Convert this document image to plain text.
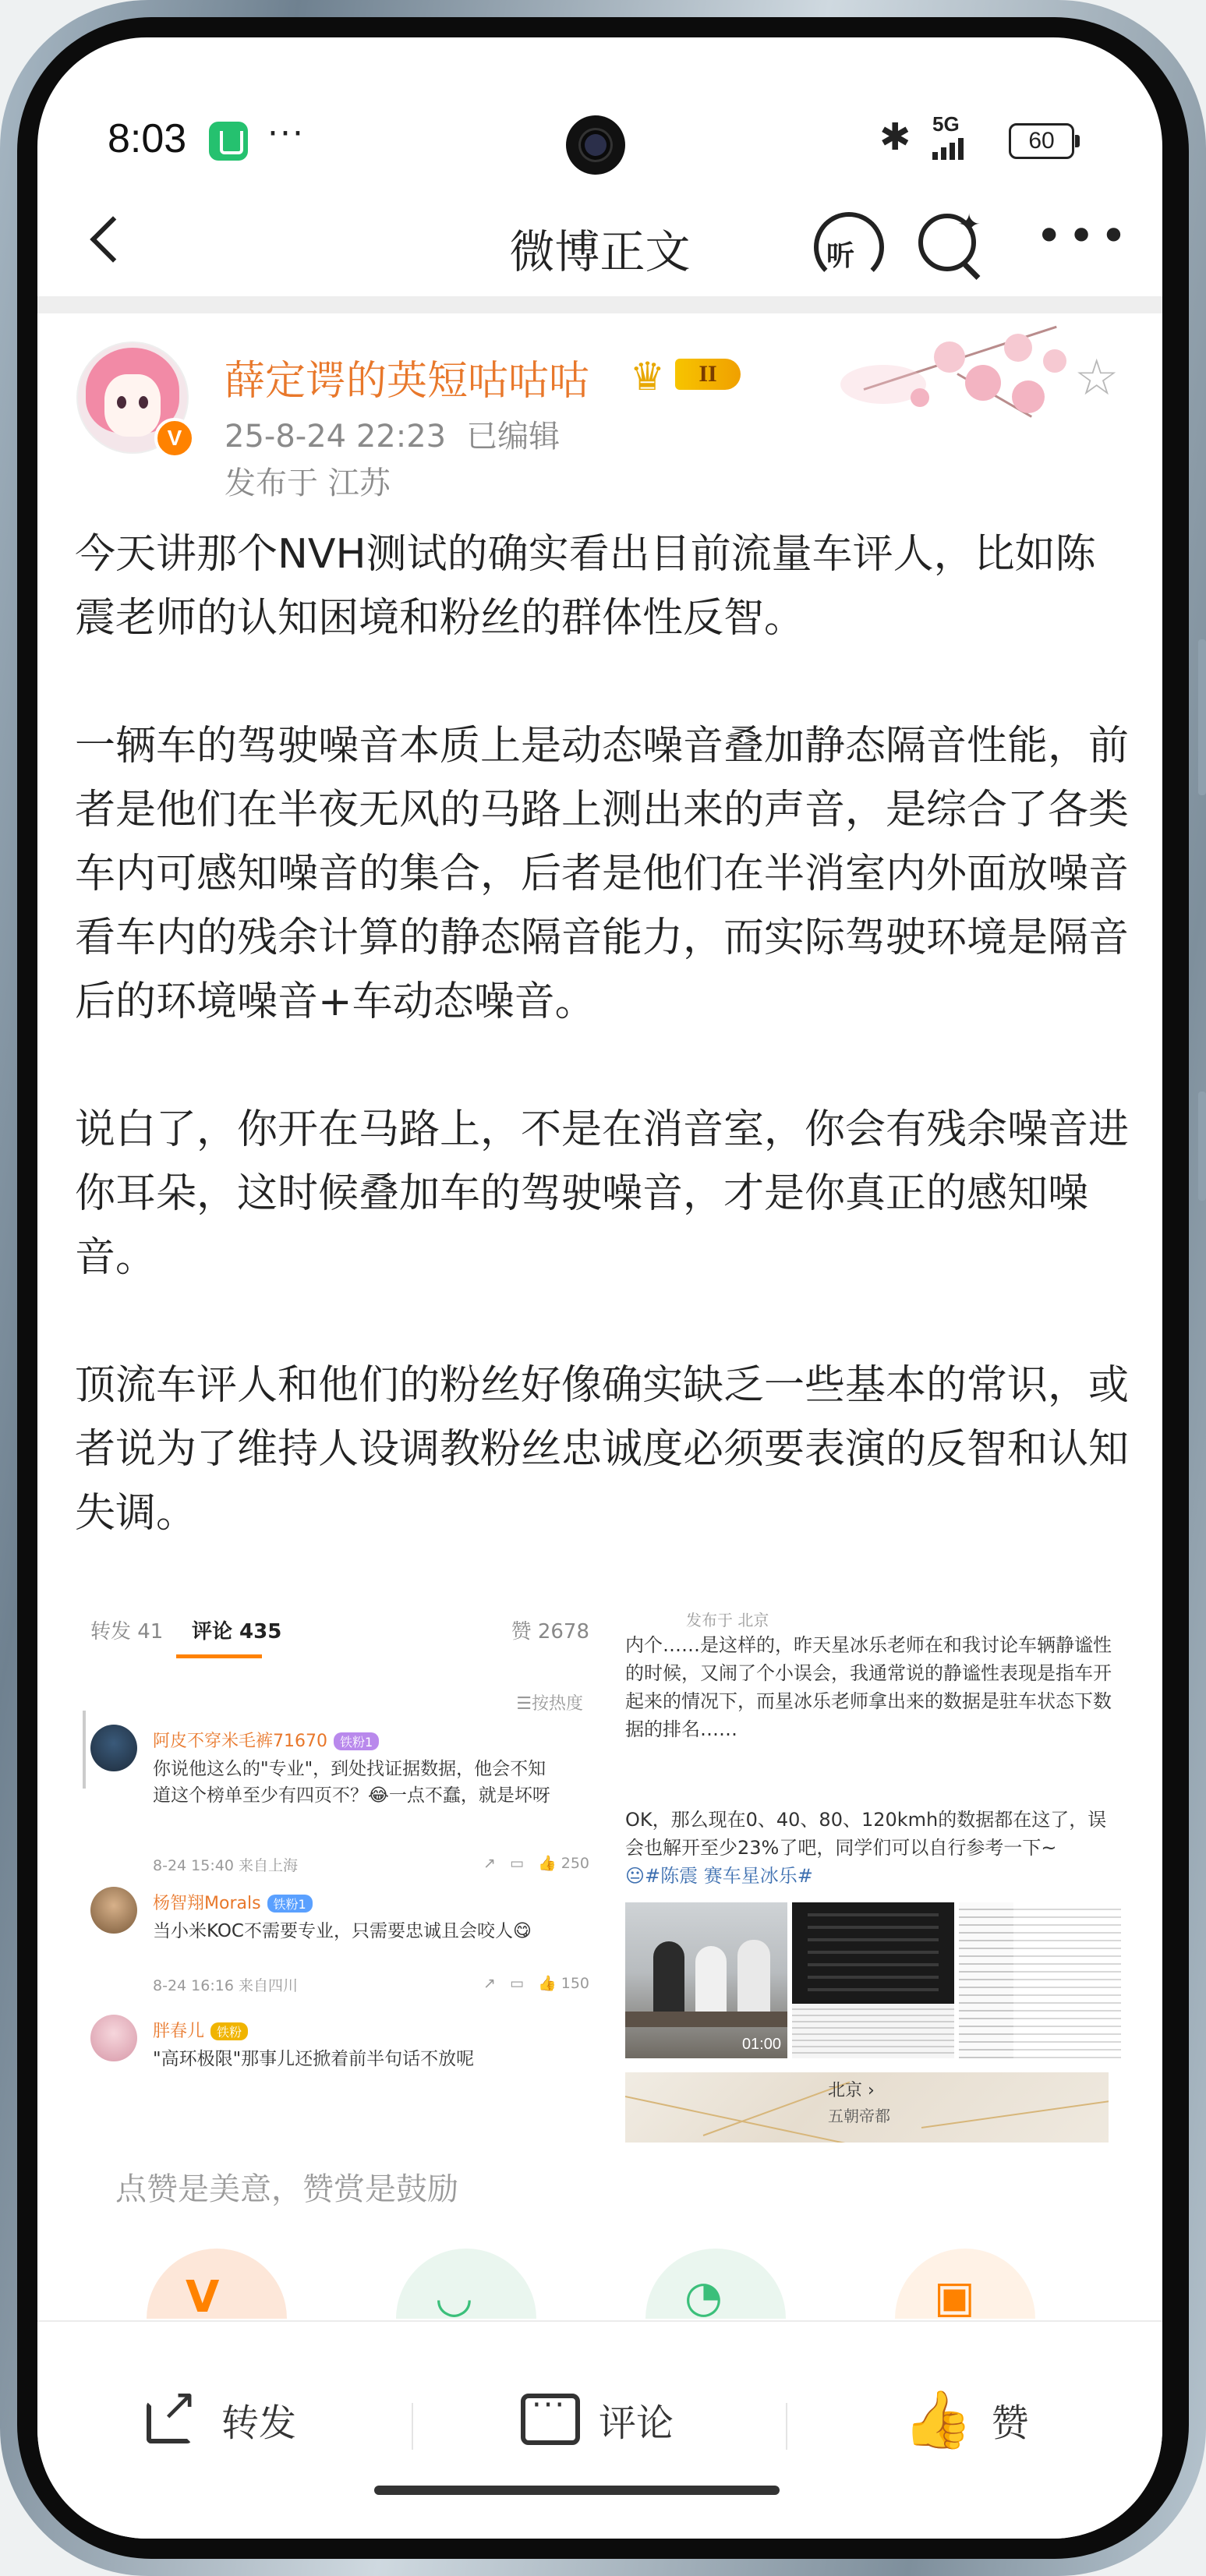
8:03 ···	✱ 5G
60
微博正文	听
✦ •••
V
薛定谔的英短咕咕咕 ♛	II	☆
25-8-24 22:23 已编辑
发布于 江苏

今天讲那个NVH测试的确实看出目前流量车评人，比如陈震老师的认知困境和粉丝的群体性反智。

一辆车的驾驶噪音本质上是动态噪音叠加静态隔音性能，前者是他们在半夜无风的马路上测出来的声音，是综合了各类车内可感知噪音的集合，后者是他们在半消室内外面放噪音看车内的残余计算的静态隔音能力，而实际驾驶环境是隔音后的环境噪音+车动态噪音。

说白了，你开在马路上，不是在消音室，你会有残余噪音进你耳朵，这时候叠加车的驾驶噪音，才是你真正的感知噪音。

顶流车评人和他们的粉丝好像确实缺乏一些基本的常识，或者说为了维持人设调教粉丝忠诚度必须要表演的反智和认知失调。

转发 41 评论 435	赞 2678
☰按热度
阿皮不穿米毛裤71670 铁粉1
你说他这么的"专业"，到处找证据数据，他会不知道这个榜单至少有四页不？😂一点不蠢，就是坏呀
8-24 15:40 来自上海	↗   ▭   👍 250
杨智翔Morals 铁粉1
当小米KOC不需要专业，只需要忠诚且会咬人😋
8-24 16:16 来自四川	↗   ▭   👍 150
胖春儿 铁粉
"高环极限"那事儿还掀着前半句话不放呢
发布于 北京
内个……是这样的，昨天星冰乐老师在和我讨论车辆静谧性的时候，又闹了个小误会，我通常说的静谧性表现是指车开起来的情况下，而星冰乐老师拿出来的数据是驻车状态下数据的排名……
OK，那么现在0、40、80、120kmh的数据都在这了，误会也解开至少23%了吧，同学们可以自行参考一下~
😐#陈震 赛车星冰乐#
01:00
北京 ›
五朝帝都
点赞是美意，赞赏是鼓励
V	◡	◔	▣
↗
转发
···	评论	👍 赞
